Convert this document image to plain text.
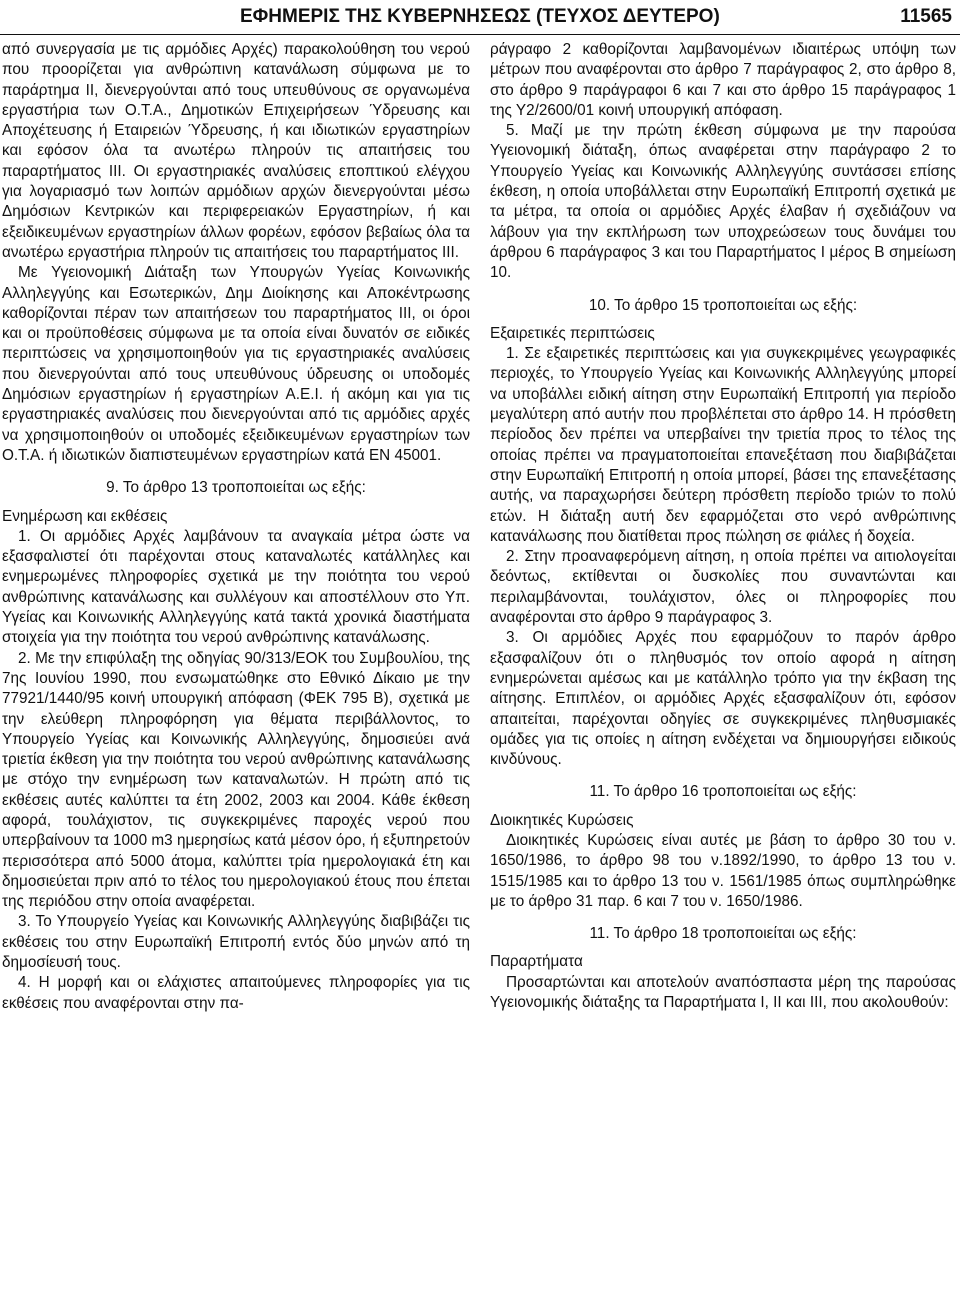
ΕΦΗΜΕΡΙΣ ΤΗΣ ΚΥΒΕΡΝΗΣΕΩΣ (ΤΕΥΧΟΣ ΔΕΥΤΕΡΟ)	11565

από συνεργασία με τις αρμόδιες Αρχές) παρακολούθηση του νερού που προορίζεται για ανθρώπινη κατανάλωση σύμφωνα με το παράρτημα ΙΙ, διενεργούνται από τους υπευθύνους σε οργανωμένα εργαστήρια των Ο.Τ.Α., Δημοτικών Επιχειρήσεων Ύδρευσης και Αποχέτευσης ή Εταιρειών Ύδρευσης, ή και ιδιωτικών εργαστηρίων και εφόσον όλα τα ανωτέρω πληρούν τις απαιτήσεις του παραρτήματος ΙΙΙ. Οι εργαστηριακές αναλύσεις εποπτικού ελέγχου για λογαριασμό των λοιπών αρμόδιων αρχών διενεργούνται μέσω Δημόσιων Κεντρικών και περιφερειακών Εργαστηρίων, ή και εξειδικευμένων εργαστηρίων άλλων φορέων, εφόσον βεβαίως όλα τα ανωτέρω εργαστήρια πληρούν τις απαιτήσεις του παραρτήματος ΙΙΙ.

Με Υγειονομική Διάταξη των Υπουργών Υγείας Κοινωνικής Αλληλεγγύης και Εσωτερικών, Δημ Διοίκησης και Αποκέντρωσης καθορίζονται πέραν των απαιτήσεων του παραρτήματος ΙΙΙ, οι όροι και οι προϋποθέσεις σύμφωνα με τα οποία είναι δυνατόν σε ειδικές περιπτώσεις να χρησιμοποιηθούν για τις εργαστηριακές αναλύσεις που διενεργούνται από τους υπευθύνους ύδρευσης οι υποδομές Δημόσιων εργαστηρίων ή εργαστηρίων Α.Ε.Ι. ή ακόμη και για τις εργαστηριακές αναλύσεις που διενεργούνται από τις αρμόδιες αρχές να χρησιμοποιηθούν οι υποδομές εξειδικευμένων εργαστηρίων των Ο.Τ.Α. ή ιδιωτικών διαπιστευμένων εργαστηρίων κατά ΕΝ 45001.

9. Το άρθρο 13 τροποποιείται ως εξής:

Ενημέρωση και εκθέσεις

1. Οι αρμόδιες Αρχές λαμβάνουν τα αναγκαία μέτρα ώστε να εξασφαλιστεί ότι παρέχονται στους καταναλωτές κατάλληλες και ενημερωμένες πληροφορίες σχετικά με την ποιότητα του νερού ανθρώπινης κατανάλωσης και συλλέγουν και αποστέλλουν στο Υπ. Υγείας και Κοινωνικής Αλληλεγγύης κατά τακτά χρονικά διαστήματα στοιχεία για την ποιότητα του νερού ανθρώπινης κατανάλωσης.

2. Με την επιφύλαξη της οδηγίας 90/313/ΕΟΚ του Συμβουλίου, της 7ης Ιουνίου 1990, που ενσωματώθηκε στο Εθνικό Δίκαιο με την 77921/1440/95 κοινή υπουργική απόφαση (ΦΕΚ 795 Β), σχετικά με την ελεύθερη πληροφόρηση για θέματα περιβάλλοντος, το Υπουργείο Υγείας και Κοινωνικής Αλληλεγγύης, δημοσιεύει ανά τριετία έκθεση για την ποιότητα του νερού ανθρώπινης κατανάλωσης με στόχο την ενημέρωση των καταναλωτών. Η πρώτη από τις εκθέσεις αυτές καλύπτει τα έτη 2002, 2003 και 2004. Κάθε έκθεση αφορά, τουλάχιστον, τις συγκεκριμένες παροχές νερού που υπερβαίνουν τα 1000 m3 ημερησίως κατά μέσον όρο, ή εξυπηρετούν περισσότερα από 5000 άτομα, καλύπτει τρία ημερολογιακά έτη και δημοσιεύεται πριν από το τέλος του ημερολογιακού έτους που έπεται της περιόδου στην οποία αναφέρεται.

3. Το Υπουργείο Υγείας και Κοινωνικής Αλληλεγγύης διαβιβάζει τις εκθέσεις του στην Ευρωπαϊκή Επιτροπή εντός δύο μηνών από τη δημοσίευσή τους.

4. Η μορφή και οι ελάχιστες απαιτούμενες πληροφορίες για τις εκθέσεις που αναφέρονται στην πα-

ράγραφο 2 καθορίζονται λαμβανομένων ιδιαιτέρως υπόψη των μέτρων που αναφέρονται στο άρθρο 7 παράγραφος 2, στο άρθρο 8, στο άρθρο 9 παράγραφοι 6 και 7 και στο άρθρο 15 παράγραφος 1 της Υ2/2600/01 κοινή υπουργική απόφαση.

5. Μαζί με την πρώτη έκθεση σύμφωνα με την παρούσα Υγειονομική διάταξη, όπως αναφέρεται στην παράγραφο 2 το Υπουργείο Υγείας και Κοινωνικής Αλληλεγγύης συντάσσει επίσης έκθεση, η οποία υποβάλλεται στην Ευρωπαϊκή Επιτροπή σχετικά με τα μέτρα, τα οποία οι αρμόδιες Αρχές έλαβαν ή σχεδιάζουν να λάβουν για την εκπλήρωση των υποχρεώσεων τους δυνάμει του άρθρου 6 παράγραφος 3 και του Παραρτήματος Ι μέρος Β σημείωση 10.

10. Το άρθρο 15 τροποποιείται ως εξής:

Εξαιρετικές περιπτώσεις

1. Σε εξαιρετικές περιπτώσεις και για συγκεκριμένες γεωγραφικές περιοχές, το Υπουργείο Υγείας και Κοινωνικής Αλληλεγγύης μπορεί να υποβάλλει ειδική αίτηση στην Ευρωπαϊκή Επιτροπή για περίοδο μεγαλύτερη από αυτήν που προβλέπεται στο άρθρο 14. Η πρόσθετη περίοδος δεν πρέπει να υπερβαίνει την τριετία προς το τέλος της οποίας πρέπει να πραγματοποιείται επανεξέταση που διαβιβάζεται στην Ευρωπαϊκή Επιτροπή η οποία μπορεί, βάσει της επανεξέτασης αυτής, να παραχωρήσει δεύτερη πρόσθετη περίοδο τριών το πολύ ετών. Η διάταξη αυτή δεν εφαρμόζεται στο νερό ανθρώπινης κατανάλωσης που διατίθεται προς πώληση σε φιάλες ή δοχεία.

2. Στην προαναφερόμενη αίτηση, η οποία πρέπει να αιτιολογείται δεόντως, εκτίθενται οι δυσκολίες που συναντώνται και περιλαμβάνονται, τουλάχιστον, όλες οι πληροφορίες που αναφέρονται στο άρθρο 9 παράγραφος 3.

3. Οι αρμόδιες Αρχές που εφαρμόζουν το παρόν άρθρο εξασφαλίζουν ότι ο πληθυσμός τον οποίο αφορά η αίτηση ενημερώνεται αμέσως και με κατάλληλο τρόπο για την έκβαση της αίτησης. Επιπλέον, οι αρμόδιες Αρχές εξασφαλίζουν ότι, εφόσον απαιτείται, παρέχονται οδηγίες σε συγκεκριμένες πληθυσμιακές ομάδες για τις οποίες η αίτηση ενδέχεται να δημιουργήσει ειδικούς κινδύνους.

11. Το άρθρο 16 τροποποιείται ως εξής:

Διοικητικές Κυρώσεις

Διοικητικές Κυρώσεις είναι αυτές με βάση το άρθρο 30 του ν. 1650/1986, το άρθρο 98 του ν.1892/1990, το άρθρο 13 του ν. 1515/1985 και το άρθρο 13 του ν. 1561/1985 όπως συμπληρώθηκε με το άρθρο 31 παρ. 6 και 7 του ν. 1650/1986.

11. Το άρθρο 18 τροποποιείται ως εξής:

Παραρτήματα

Προσαρτώνται και αποτελούν αναπόσπαστα μέρη της παρούσας Υγειονομικής διάταξης τα Παραρτήματα Ι, ΙΙ και ΙΙΙ, που ακολουθούν:
